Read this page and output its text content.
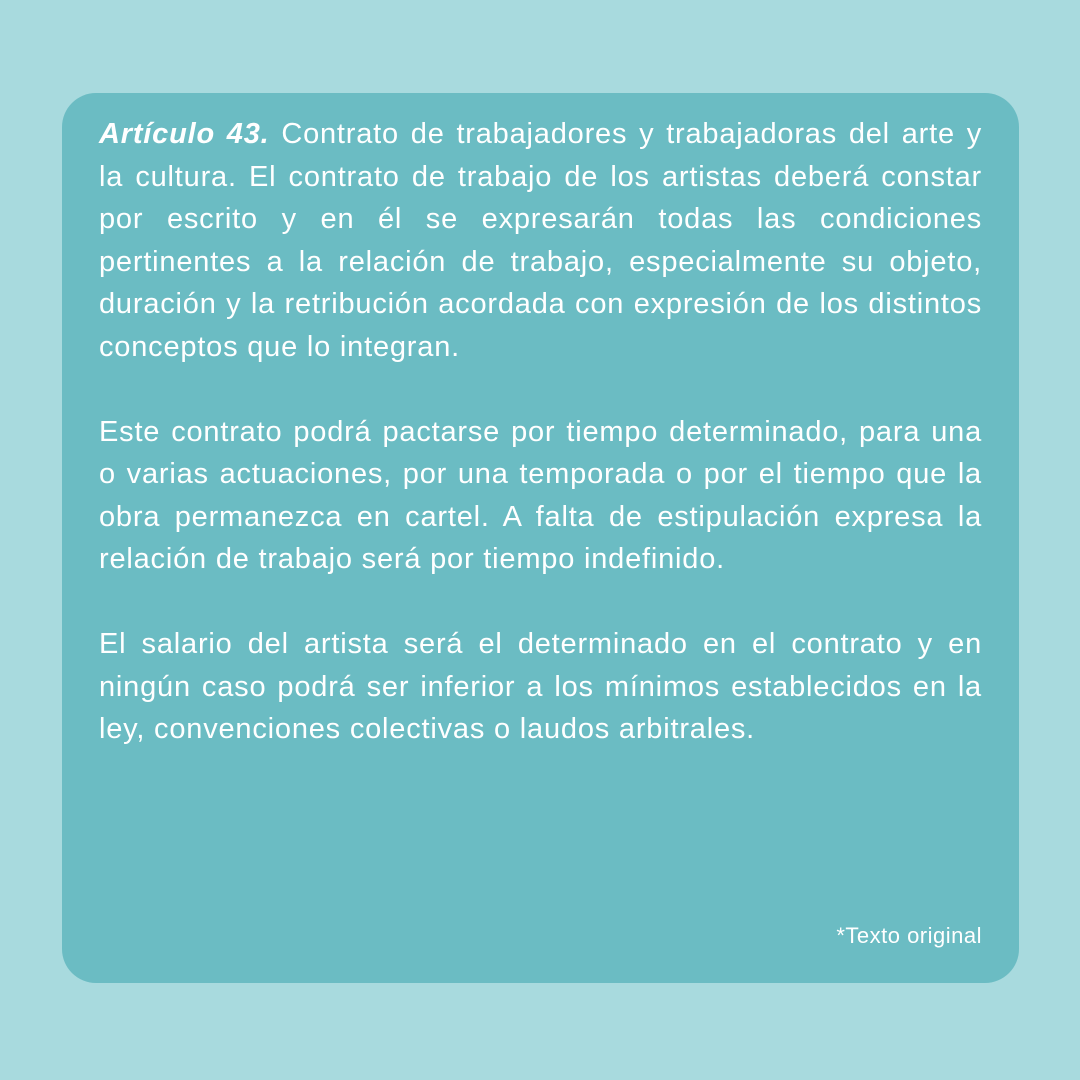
Artículo 43. Contrato de trabajadores y trabajadoras del arte y la cultura. El contrato de trabajo de los artistas deberá constar por escrito y en él se expresarán todas las condiciones pertinentes a la relación de trabajo, especialmente su objeto, duración y la retribución acordada con expresión de los distintos conceptos que lo integran.

Este contrato podrá pactarse por tiempo determinado, para una o varias actuaciones, por una temporada o por el tiempo que la obra permanezca en cartel. A falta de estipulación expresa la relación de trabajo será por tiempo indefinido.

El salario del artista será el determinado en el contrato y en ningún caso podrá ser inferior a los mínimos establecidos en la ley, convenciones colectivas o laudos arbitrales.

*Texto original
